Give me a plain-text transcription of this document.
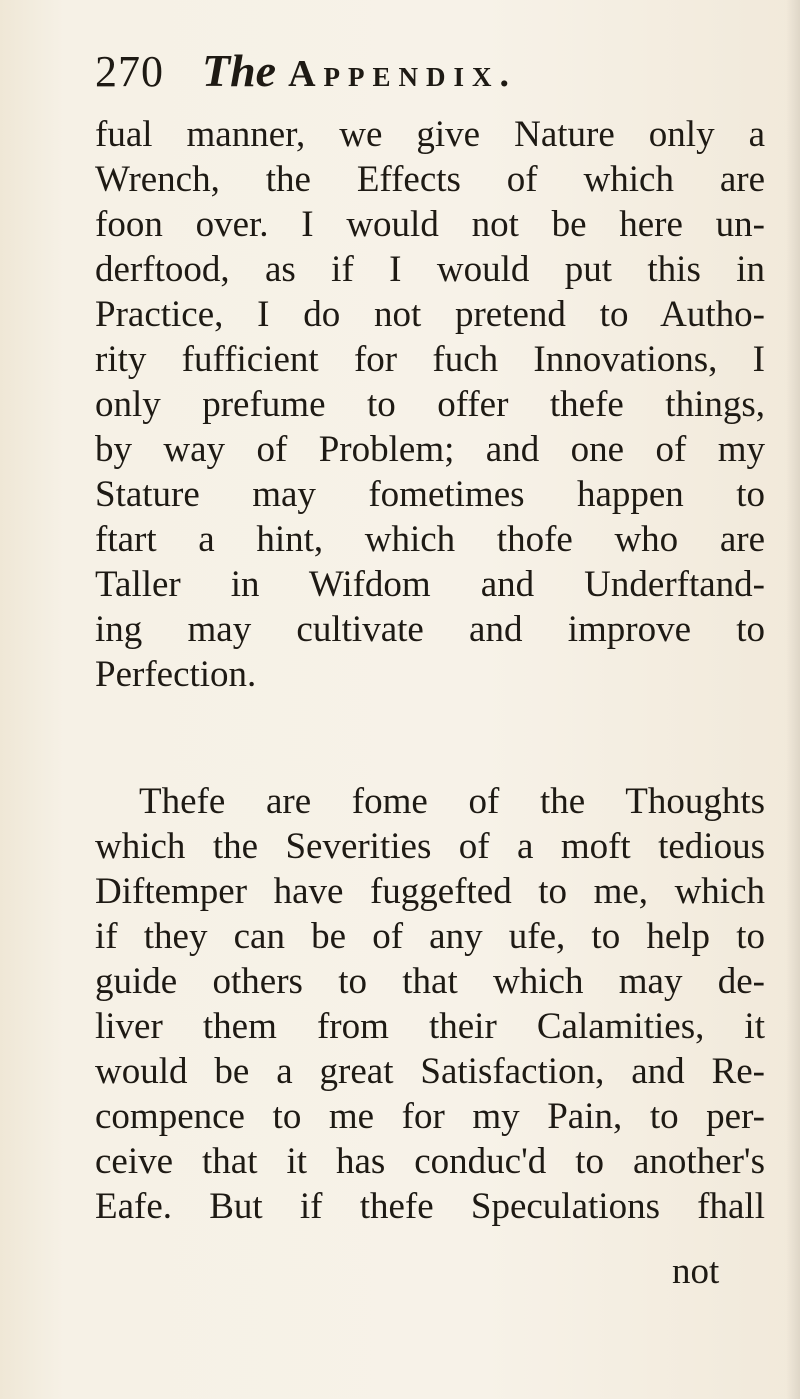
270 The Appendix.
fual manner, we give Nature only a
Wrench, the Effects of which are
foon over. I would not be here un-
derftood, as if I would put this in
Practice, I do not pretend to Autho-
rity fufficient for fuch Innovations, I
only prefume to offer thefe things,
by way of Problem; and one of my
Stature may fometimes happen to
ftart a hint, which thofe who are
Taller in Wifdom and Underftand-
ing may cultivate and improve to
Perfection.
Thefe are fome of the Thoughts
which the Severities of a moft tedious
Diftemper have fuggefted to me, which
if they can be of any ufe, to help to
guide others to that which may de-
liver them from their Calamities, it
would be a great Satisfaction, and Re-
compence to me for my Pain, to per-
ceive that it has conduc'd to another's
Eafe. But if thefe Speculations fhall
not
